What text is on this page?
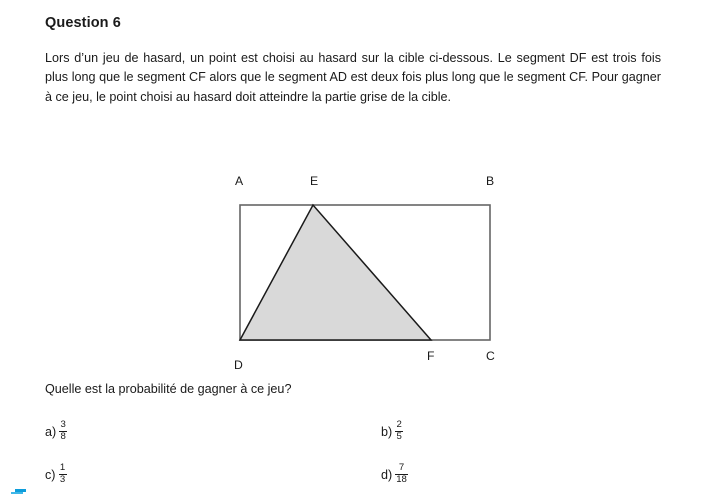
Question 6
Lors d’un jeu de hasard, un point est choisi au hasard sur la cible ci-dessous. Le segment DF est trois fois plus long que le segment CF alors que le segment AD est deux fois plus long que le segment CF. Pour gagner à ce jeu, le point choisi au hasard doit atteindre la partie grise de la cible.
A	E	B
D
F	C
Quelle est la probabilité de gagner à ce jeu?
$a) \frac{3}{8}$	$b) \frac{2}{5}$
$c) \frac{1}{3}$	$d) \frac{7}{18}$
